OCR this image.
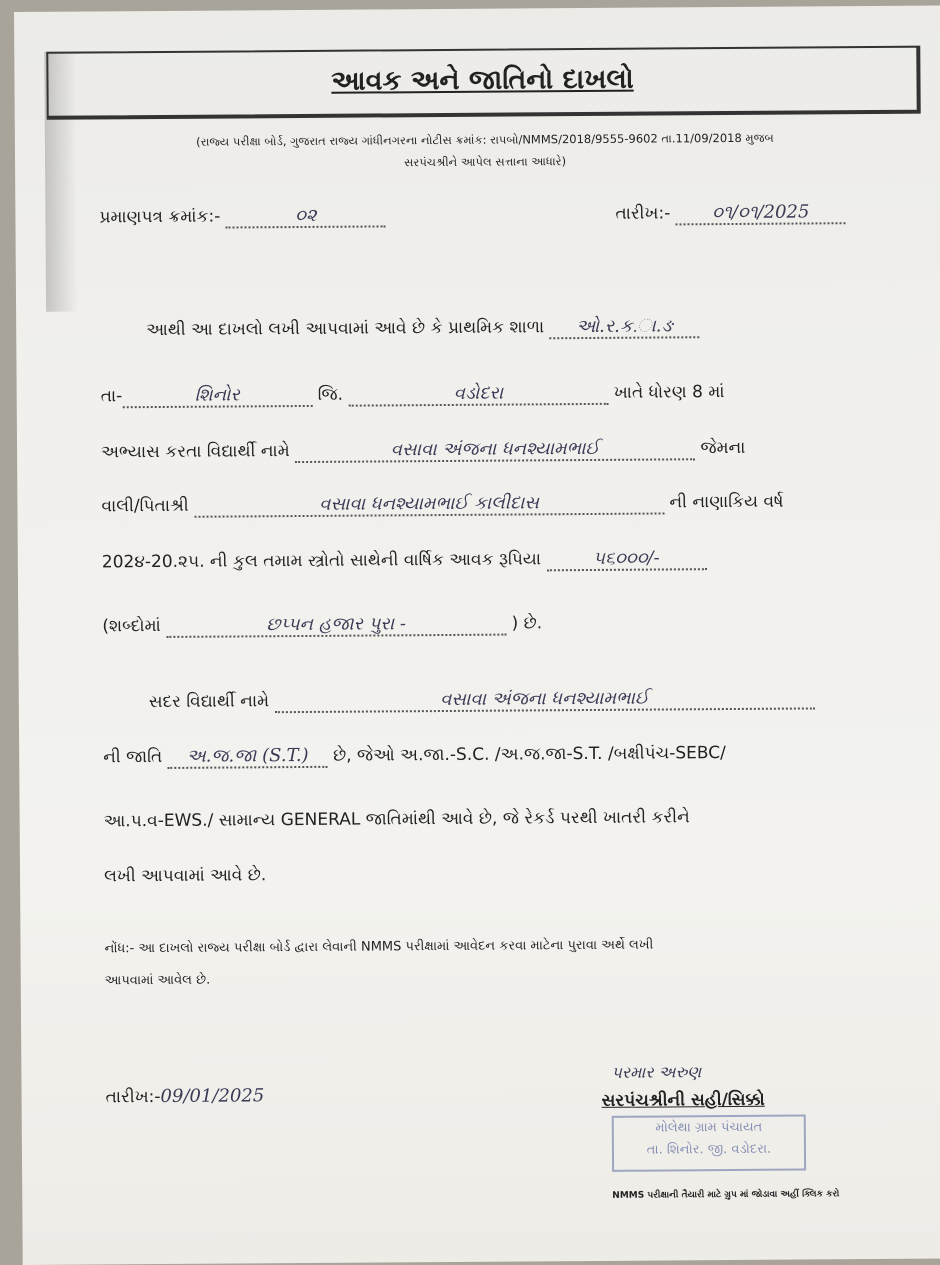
આવક અને જાતિનો દાખલો
(રાજ્ય પરીક્ષા બોર્ડ, ગુજરાત રાજ્ય ગાંધીનગરના નોટીસ ક્રમાંક: રાપબો/NMMS/2018/9555-9602 તા.11/09/2018 મુજબ
સરપંચશ્રીને આપેલ સત્તાના આધારે)
પ્રમાણપત્ર ક્રમાંક:-	૦૨	તારીખ:- ૦૧/૦૧/2025
આથી આ દાખલો લખી આપવામાં આવે છે કે પ્રાથમિક શાળા ઓ.ર.ક.ા.ઙ
તા-	શિનોર	જિ.	વડોદરા	ખાતે ધોરણ 8 માં
અભ્યાસ કરતા વિદ્યાર્થી નામે	વસાવા અંજના ધનશ્યામભાઈ	જેમના
વાલી/પિતાશ્રી	વસાવા ધનશ્યામભાઈ કાલીદાસ	ની નાણાકિય વર્ષ
202૪-20.૨૫. ની કુલ તમામ સ્ત્રોતો સાથેની વાર્ષિક આવક રૂપિયા	૫૬૦૦૦/-
(શબ્દોમાં	છપ્પન હજાર પુરા -	) છે.
સદર વિદ્યાર્થી નામે	વસાવા અંજના ધનશ્યામભાઈ
ની જાતિ અ.જ.જા (S.T.) છે, જેઓ અ.જા.-S.C. /અ.જ.જા-S.T. /બક્ષીપંચ-SEBC/
આ.પ.વ-EWS./ સામાન્ય GENERAL જાતિમાંથી આવે છે, જે રેકર્ડ પરથી ખાતરી કરીને
લખી આપવામાં આવે છે.
નોંધ:- આ દાખલો રાજ્ય પરીક્ષા બોર્ડ દ્વારા લેવાની NMMS પરીક્ષામાં આવેદન કરવા માટેના પુરાવા અર્થે લખી
આપવામાં આવેલ છે.
તારીખ:-09/01/2025
પરમાર અરુણ
સરપંચશ્રીની સહી/સિક્કો
મોલેથા ગ્રામ પંચાયત
તા. શિનોર. જી. વડોદરા.
NMMS પરીક્ષાની તૈયારી માટે ગ્રુપ માં જોડાવા અહીં ક્લિક કરો
